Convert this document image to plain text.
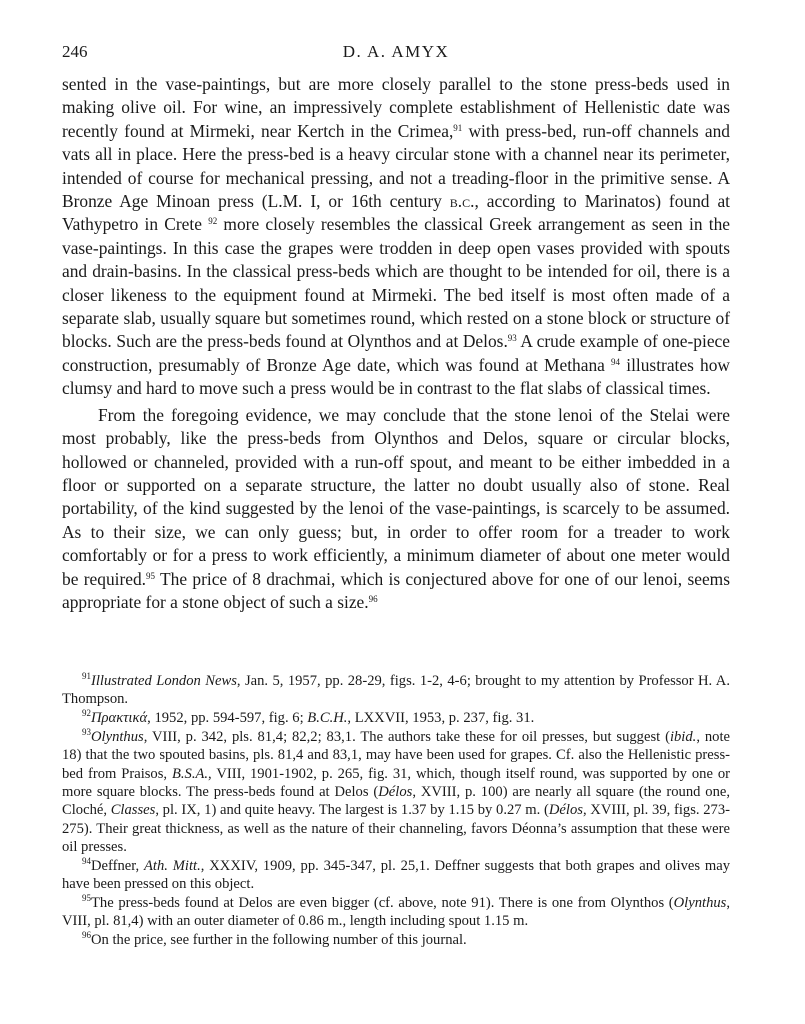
246	D. A. AMYX

sented in the vase-paintings, but are more closely parallel to the stone press-beds used in making olive oil. For wine, an impressively complete establishment of Hellenistic date was recently found at Mirmeki, near Kertch in the Crimea,$^{91}$ with press-bed, run-off channels and vats all in place. Here the press-bed is a heavy circular stone with a channel near its perimeter, intended of course for mechanical pressing, and not a treading-floor in the primitive sense. A Bronze Age Minoan press (L.M. I, or 16th century b.c., according to Marinatos) found at Vathypetro in Crete $^{92}$ more closely resembles the classical Greek arrangement as seen in the vase-paintings. In this case the grapes were trodden in deep open vases provided with spouts and drain-basins. In the classical press-beds which are thought to be intended for oil, there is a closer likeness to the equipment found at Mirmeki. The bed itself is most often made of a separate slab, usually square but sometimes round, which rested on a stone block or structure of blocks. Such are the press-beds found at Olynthos and at Delos.$^{93}$ A crude example of one-piece construction, presumably of Bronze Age date, which was found at Methana $^{94}$ illustrates how clumsy and hard to move such a press would be in contrast to the flat slabs of classical times.

From the foregoing evidence, we may conclude that the stone lenoi of the Stelai were most probably, like the press-beds from Olynthos and Delos, square or circular blocks, hollowed or channeled, provided with a run-off spout, and meant to be either imbedded in a floor or supported on a separate structure, the latter no doubt usually also of stone. Real portability, of the kind suggested by the lenoi of the vase-paintings, is scarcely to be assumed. As to their size, we can only guess; but, in order to offer room for a treader to work comfortably or for a press to work efficiently, a minimum diameter of about one meter would be required.$^{95}$ The price of 8 drachmai, which is conjectured above for one of our lenoi, seems appropriate for a stone object of such a size.$^{96}$

$^{91}$Illustrated London News, Jan. 5, 1957, pp. 28-29, figs. 1-2, 4-6; brought to my attention by Professor H. A. Thompson.

$^{92}$Πρακτικά, 1952, pp. 594-597, fig. 6; B.C.H., LXXVII, 1953, p. 237, fig. 31.

$^{93}$Olynthus, VIII, p. 342, pls. 81,4; 82,2; 83,1. The authors take these for oil presses, but suggest (ibid., note 18) that the two spouted basins, pls. 81,4 and 83,1, may have been used for grapes. Cf. also the Hellenistic press-bed from Praisos, B.S.A., VIII, 1901-1902, p. 265, fig. 31, which, though itself round, was supported by one or more square blocks. The press-beds found at Delos (Délos, XVIII, p. 100) are nearly all square (the round one, Cloché, Classes, pl. IX, 1) and quite heavy. The largest is 1.37 by 1.15 by 0.27 m. (Délos, XVIII, pl. 39, figs. 273-275). Their great thickness, as well as the nature of their channeling, favors Déonna’s assumption that these were oil presses.

$^{94}$Deffner, Ath. Mitt., XXXIV, 1909, pp. 345-347, pl. 25,1. Deffner suggests that both grapes and olives may have been pressed on this object.

$^{95}$The press-beds found at Delos are even bigger (cf. above, note 91). There is one from Olynthos (Olynthus, VIII, pl. 81,4) with an outer diameter of 0.86 m., length including spout 1.15 m.

$^{96}$On the price, see further in the following number of this journal.
